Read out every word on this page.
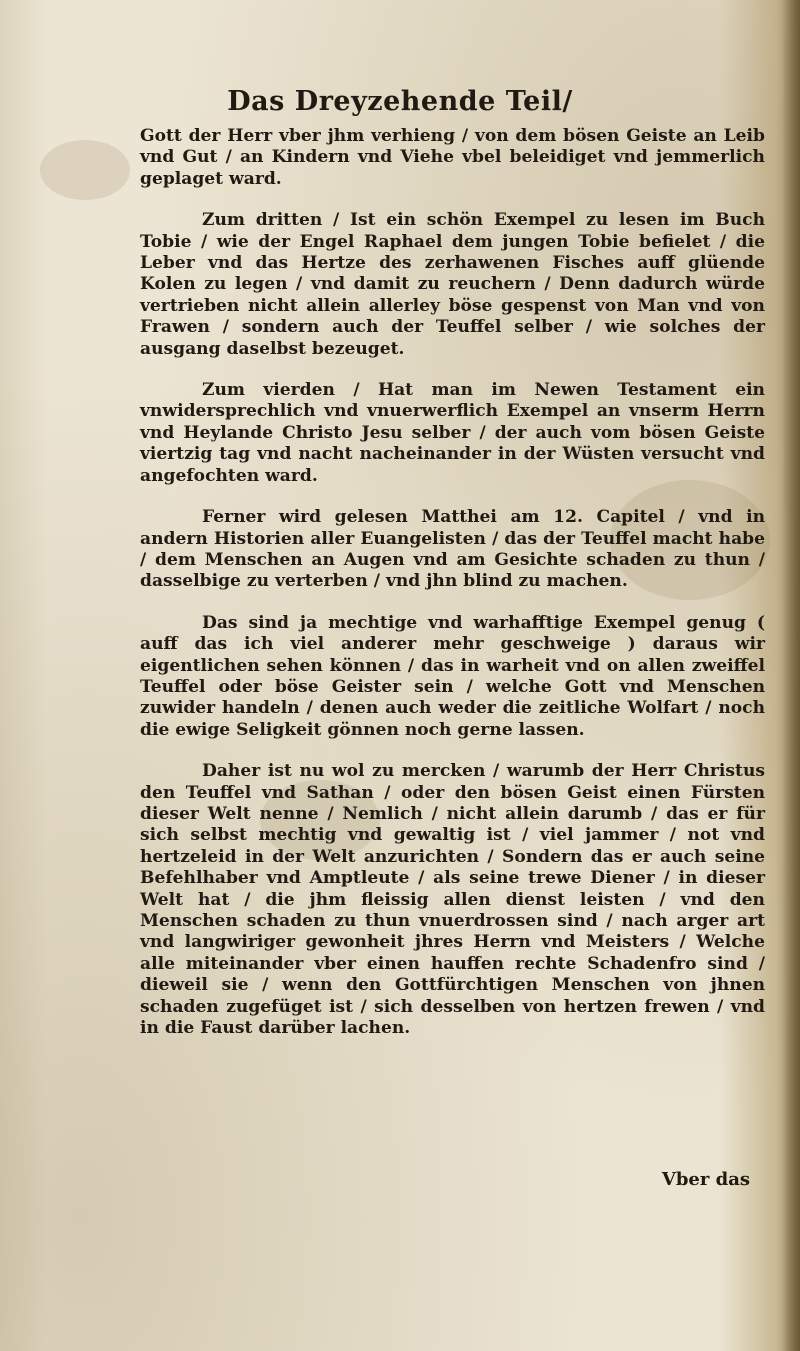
Das Dreyzehende Teil/

Gott der Herr vber jhm verhieng / von dem bösen Geiste an Leib vnd Gut / an Kindern vnd Viehe vbel beleidiget vnd jemmerlich geplaget ward.

Zum dritten / Ist ein schön Exempel zu lesen im Buch Tobie / wie der Engel Raphael dem jungen Tobie befielet / die Leber vnd das Hertze des zerhawenen Fisches auff glüende Kolen zu legen / vnd damit zu reuchern / Denn dadurch würde vertrieben nicht allein allerley böse gespenst von Man vnd von Frawen / sondern auch der Teuffel selber / wie solches der ausgang daselbst bezeuget.

Zum vierden / Hat man im Newen Testament ein vnwidersprechlich vnd vnuerwerflich Exempel an vnserm Herrn vnd Heylande Christo Jesu selber / der auch vom bösen Geiste viertzig tag vnd nacht nacheinander in der Wüsten versucht vnd angefochten ward.

Ferner wird gelesen Matthei am 12. Capitel / vnd in andern Historien aller Euangelisten / das der Teuffel macht habe / dem Menschen an Augen vnd am Gesichte schaden zu thun / dasselbige zu verterben / vnd jhn blind zu machen.

Das sind ja mechtige vnd warhafftige Exempel genug ( auff das ich viel anderer mehr geschweige ) daraus wir eigentlichen sehen können / das in warheit vnd on allen zweiffel Teuffel oder böse Geister sein / welche Gott vnd Menschen zuwider handeln / denen auch weder die zeitliche Wolfart / noch die ewige Seligkeit gönnen noch gerne lassen.

Daher ist nu wol zu mercken / warumb der Herr Christus den Teuffel vnd Sathan / oder den bösen Geist einen Fürsten dieser Welt nenne / Nemlich / nicht allein darumb / das er für sich selbst mechtig vnd gewaltig ist / viel jammer / not vnd hertzeleid in der Welt anzurichten / Sondern das er auch seine Befehlhaber vnd Amptleute / als seine trewe Diener / in dieser Welt hat / die jhm fleissig allen dienst leisten / vnd den Menschen schaden zu thun vnuerdrossen sind / nach arger art vnd langwiriger gewonheit jhres Herrn vnd Meisters / Welche alle miteinander vber einen hauffen rechte Schadenfro sind / dieweil sie / wenn den Gottfürchtigen Menschen von jhnen schaden zugefüget ist / sich desselben von hertzen frewen / vnd in die Faust darüber lachen.

Vber das
